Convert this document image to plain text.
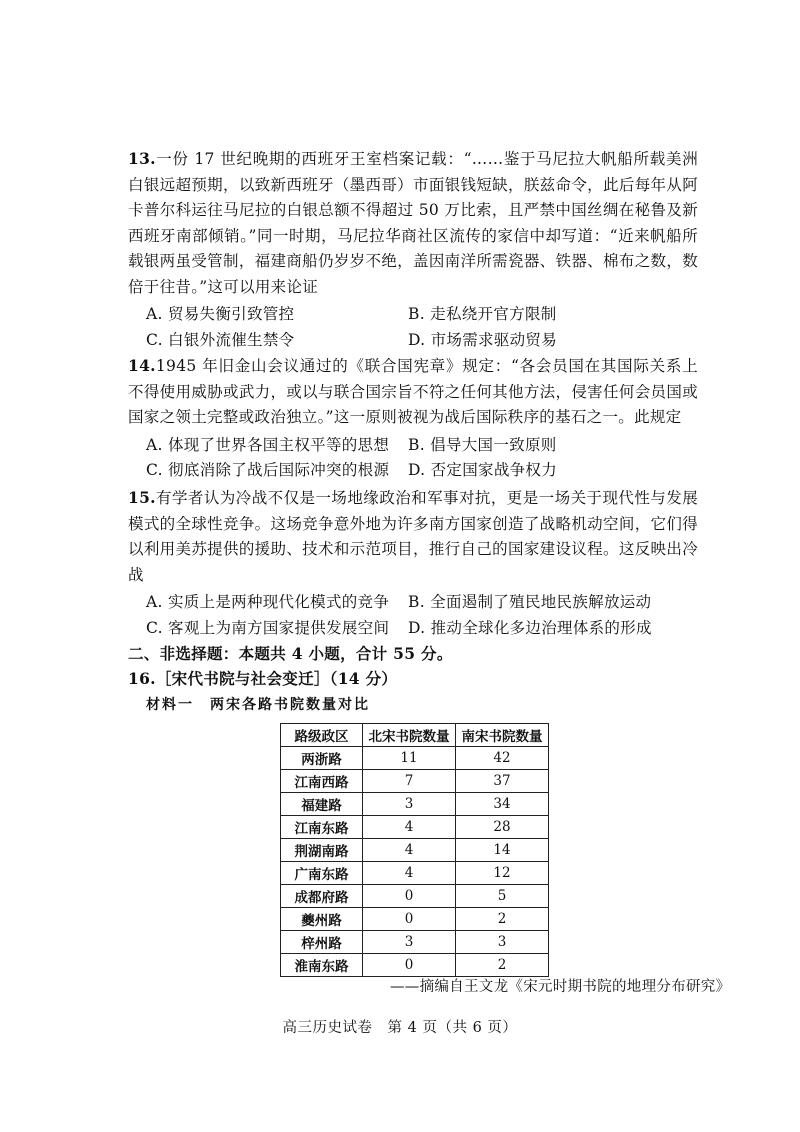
13.一份 17 世纪晚期的西班牙王室档案记载：“……鉴于马尼拉大帆船所载美洲白银远超预期，以致新西班牙（墨西哥）市面银钱短缺，朕兹命令，此后每年从阿卡普尔科运往马尼拉的白银总额不得超过 50 万比索，且严禁中国丝绸在秘鲁及新西班牙南部倾销。”同一时期，马尼拉华商社区流传的家信中却写道：“近来帆船所载银两虽受管制，福建商船仍岁岁不绝，盖因南洋所需瓷器、铁器、棉布之数，数倍于往昔。”这可以用来论证
A. 贸易失衡引致管控	B. 走私绕开官方限制
C. 白银外流催生禁令	D. 市场需求驱动贸易
14.1945 年旧金山会议通过的《联合国宪章》规定：“各会员国在其国际关系上不得使用威胁或武力，或以与联合国宗旨不符之任何其他方法，侵害任何会员国或国家之领土完整或政治独立。”这一原则被视为战后国际秩序的基石之一。此规定
A. 体现了世界各国主权平等的思想	B. 倡导大国一致原则
C. 彻底消除了战后国际冲突的根源	D. 否定国家战争权力
15.有学者认为冷战不仅是一场地缘政治和军事对抗，更是一场关于现代性与发展模式的全球性竞争。这场竞争意外地为许多南方国家创造了战略机动空间，它们得以利用美苏提供的援助、技术和示范项目，推行自己的国家建设议程。这反映出冷战
A. 实质上是两种现代化模式的竞争	B. 全面遏制了殖民地民族解放运动
C. 客观上为南方国家提供发展空间	D. 推动全球化多边治理体系的形成
二、非选择题：本题共 4 小题，合计 55 分。
16.［宋代书院与社会变迁］（14 分）
材料一　两宋各路书院数量对比
路级政区	北宋书院数量	南宋书院数量
两浙路	11	42
江南西路	7	37
福建路	3	34
江南东路	4	28
荆湖南路	4	14
广南东路	4	12
成都府路	0	5
夔州路	0	2
梓州路	3	3
淮南东路	0	2
——摘编自王文龙《宋元时期书院的地理分布研究》
高三历史试卷　第 4 页（共 6 页）
